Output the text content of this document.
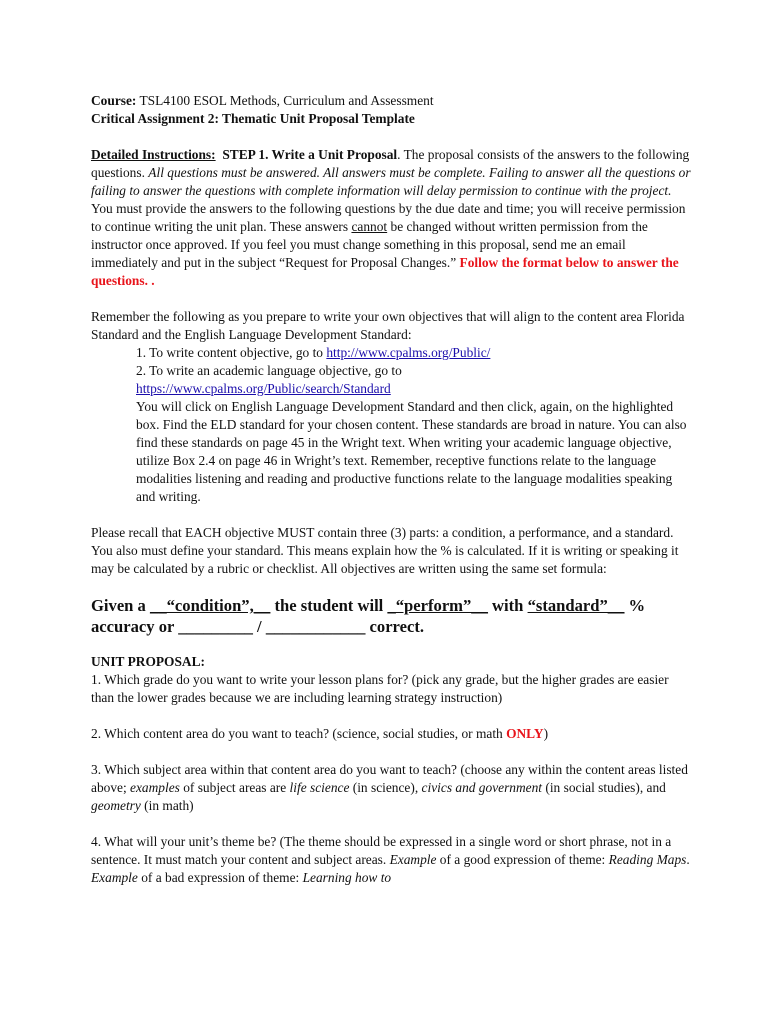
Course: TSL4100 ESOL Methods, Curriculum and Assessment

Critical Assignment 2: Thematic Unit Proposal Template

Detailed Instructions: STEP 1. Write a Unit Proposal. The proposal consists of the answers to the following questions. All questions must be answered. All answers must be complete. Failing to answer all the questions or failing to answer the questions with complete information will delay permission to continue with the project. You must provide the answers to the following questions by the due date and time; you will receive permission to continue writing the unit plan. These answers cannot be changed without written permission from the instructor once approved. If you feel you must change something in this proposal, send me an email immediately and put in the subject “Request for Proposal Changes.” Follow the format below to answer the questions. .

Remember the following as you prepare to write your own objectives that will align to the content area Florida Standard and the English Language Development Standard:

1. To write content objective, go to http://www.cpalms.org/Public/

2. To write an academic language objective, go to

https://www.cpalms.org/Public/search/Standard

You will click on English Language Development Standard and then click, again, on the highlighted box. Find the ELD standard for your chosen content. These standards are broad in nature. You can also find these standards on page 45 in the Wright text. When writing your academic language objective, utilize Box 2.4 on page 46 in Wright’s text. Remember, receptive functions relate to the language modalities listening and reading and productive functions relate to the language modalities speaking and writing.

Please recall that EACH objective MUST contain three (3) parts: a condition, a performance, and a standard. You also must define your standard. This means explain how the % is calculated. If it is writing or speaking it may be calculated by a rubric or checklist. All objectives are written using the same set formula:

Given a __“condition”,__ the student will _“perform”__ with “standard”__ % accuracy or _________ / ____________ correct.

UNIT PROPOSAL:

1. Which grade do you want to write your lesson plans for? (pick any grade, but the higher grades are easier than the lower grades because we are including learning strategy instruction)

2. Which content area do you want to teach? (science, social studies, or math ONLY)

3. Which subject area within that content area do you want to teach? (choose any within the content areas listed above; examples of subject areas are life science (in science), civics and government (in social studies), and geometry (in math)

4. What will your unit’s theme be? (The theme should be expressed in a single word or short phrase, not in a sentence. It must match your content and subject areas. Example of a good expression of theme: Reading Maps. Example of a bad expression of theme: Learning how to
